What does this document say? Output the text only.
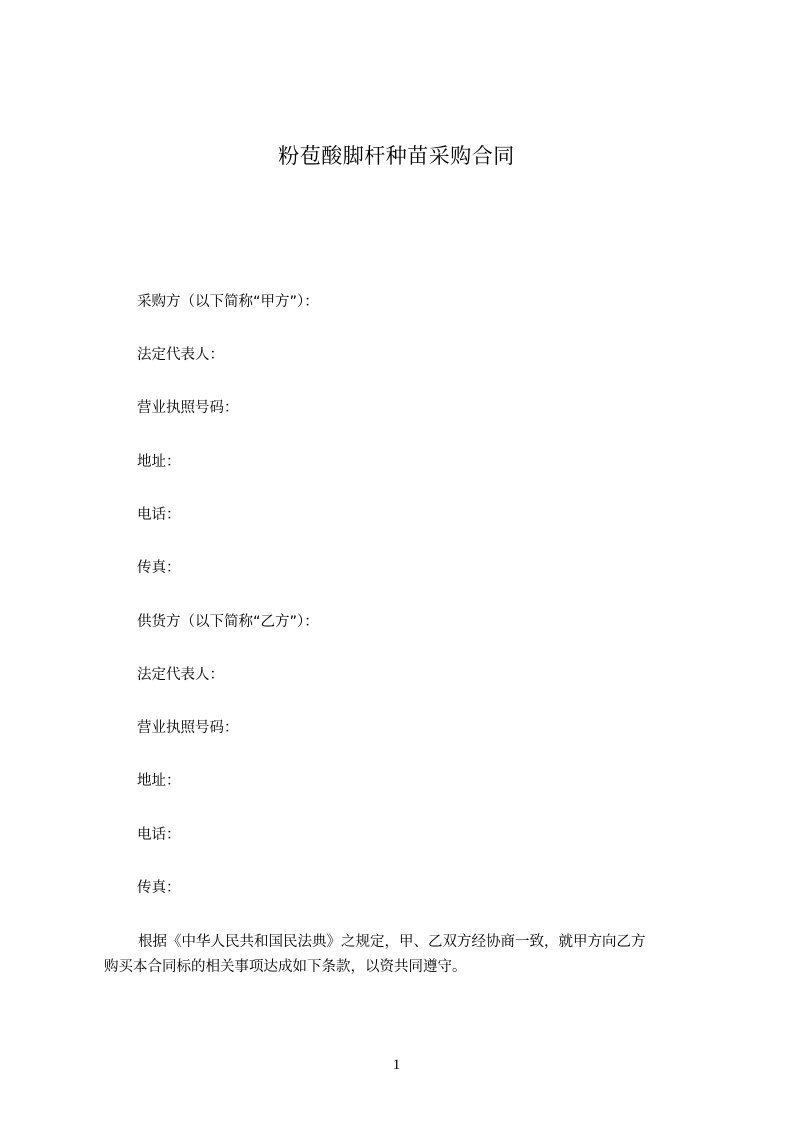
粉苞酸脚杆种苗采购合同
采购方（以下简称“甲方”）：
法定代表人：
营业执照号码：
地址：
电话：
传真：
供货方（以下简称“乙方”）：
法定代表人：
营业执照号码：
地址：
电话：
传真：
根据《中华人民共和国民法典》之规定，甲、乙双方经协商一致，就甲方向乙方
购买本合同标的相关事项达成如下条款，以资共同遵守。
1
